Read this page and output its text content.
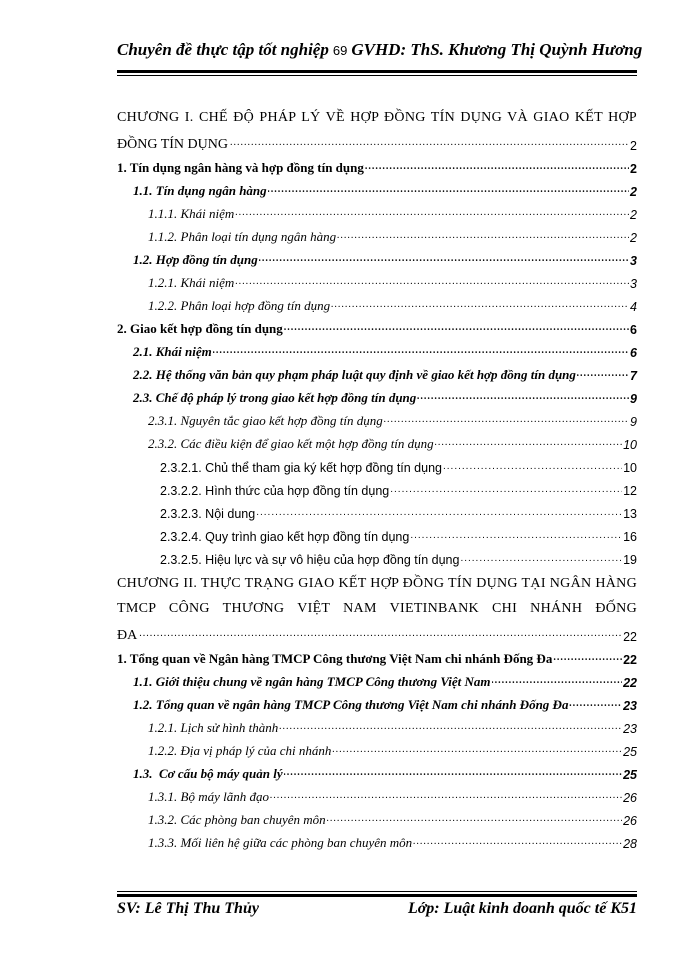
Chuyên đề thực tập tốt nghiệp 69 GVHD: ThS. Khương Thị Quỳnh Hương
CHƯƠNG I. CHẾ ĐỘ PHÁP LÝ VỀ HỢP ĐỒNG TÍN DỤNG VÀ GIAO KẾT HỢP
ĐỒNG TÍN DỤNG .....	2
1. Tín dụng ngân hàng và hợp đồng tín dụng .....	2
1.1. Tín dụng ngân hàng .....	2
1.1.1. Khái niệm .....	2
1.1.2. Phân loại tín dụng ngân hàng .....	2
1.2. Hợp đồng tín dụng .....	3
1.2.1. Khái niệm .....	3
1.2.2. Phân loại hợp đồng tín dụng .....	4
2. Giao kết hợp đồng tín dụng .....	6
2.1. Khái niệm .....	6
2.2. Hệ thống văn bản quy phạm pháp luật quy định về giao kết hợp đồng tín dụng .....	7
2.3. Chế độ pháp lý trong giao kết hợp đồng tín dụng .....	9
2.3.1. Nguyên tắc giao kết hợp đồng tín dụng .....	9
2.3.2. Các điều kiện để giao kết một hợp đồng tín dụng .....	10
2.3.2.1. Chủ thể tham gia ký kết hợp đồng tín dụng .....	10
2.3.2.2. Hình thức của hợp đồng tín dụng .....	12
2.3.2.3. Nội dung .....	13
2.3.2.4. Quy trình giao kết hợp đồng tín dụng .....	16
2.3.2.5. Hiệu lực và sự vô hiệu của hợp đồng tín dụng .....	19
CHƯƠNG II. THỰC TRẠNG GIAO KẾT HỢP ĐỒNG TÍN DỤNG TẠI NGÂN HÀNG TMCP CÔNG THƯƠNG VIỆT NAM VIETINBANK CHI NHÁNH ĐỐNG
ĐA .....	22
1. Tổng quan về Ngân hàng TMCP Công thương Việt Nam chi nhánh Đống Đa .....	22
1.1. Giới thiệu chung về ngân hàng TMCP Công thương Việt Nam .....	22
1.2. Tổng quan về ngân hàng TMCP Công thương Việt Nam chi nhánh Đống Đa .....	23
1.2.1. Lịch sử hình thành .....	23
1.2.2. Địa vị pháp lý của chi nhánh .....	25
1.3.  Cơ cấu bộ máy quản lý .....	25
1.3.1. Bộ máy lãnh đạo .....	26
1.3.2. Các phòng ban chuyên môn .....	26
1.3.3. Mối liên hệ giữa các phòng ban chuyên môn .....	28
SV: Lê Thị Thu Thủy	Lớp: Luật kinh doanh quốc tế K51
